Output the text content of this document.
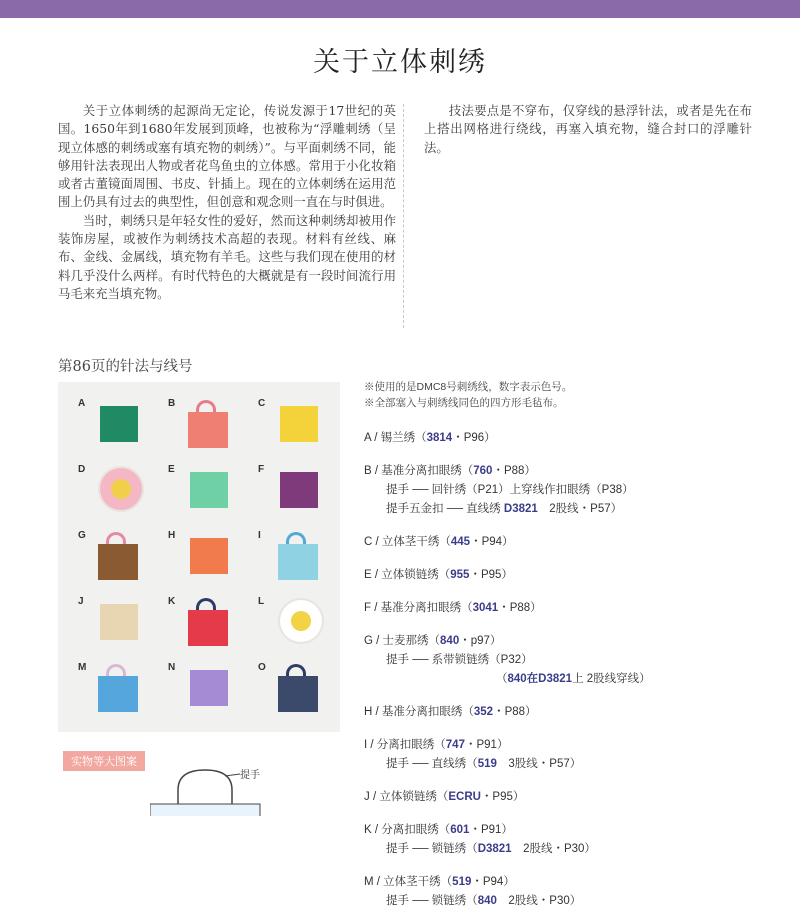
关于立体刺绣

关于立体刺绣的起源尚无定论，传说发源于17世纪的英国。1650年到1680年发展到顶峰，也被称为“浮雕刺绣（呈现立体感的刺绣或塞有填充物的刺绣）”。与平面刺绣不同，能够用针法表现出人物或者花鸟鱼虫的立体感。常用于小化妆箱或者古董镜面周围、书皮、针插上。现在的立体刺绣在运用范围上仍具有过去的典型性，但创意和观念则一直在与时俱进。

当时，刺绣只是年轻女性的爱好，然而这种刺绣却被用作装饰房屋，或被作为刺绣技术高超的表现。材料有丝线、麻布、金线、金属线，填充物有羊毛。这些与我们现在使用的材料几乎没什么两样。有时代特色的大概就是有一段时间流行用马毛来充当填充物。

技法要点是不穿布，仅穿线的悬浮针法，或者是先在布上搭出网格进行绕线，再塞入填充物，缝合封口的浮雕针法。

第86页的针法与线号
A	B	C
D	E	F
G	H	I
J	K	L
M	N	O
实物等大图案
提手
※使用的是DMC8号刺绣线，数字表示色号。
※全部塞入与刺绣线同色的四方形毛毡布。
A / 锡兰绣（3814・P96）
B / 基准分离扣眼绣（760・P88）
提手 ── 回针绣（P21）上穿线作扣眼绣（P38）
提手五金扣 ── 直线绣 D3821　2股线・P57）
C / 立体茎干绣（445・P94）
E / 立体锁链绣（955・P95）
F / 基准分离扣眼绣（3041・P88）
G / 士麦那绣（840・p97）
提手 ── 系带锁链绣（P32）
（840在D3821上 2股线穿线）
H / 基准分离扣眼绣（352・P88）
I / 分离扣眼绣（747・P91）
提手 ── 直线绣（519　3股线・P57）
J / 立体锁链绣（ECRU・P95）
K / 分离扣眼绣（601・P91）
提手 ── 锁链绣（D3821　2股线・P30）
M / 立体茎干绣（519・P94）
提手 ── 锁链绣（840　2股线・P30）
